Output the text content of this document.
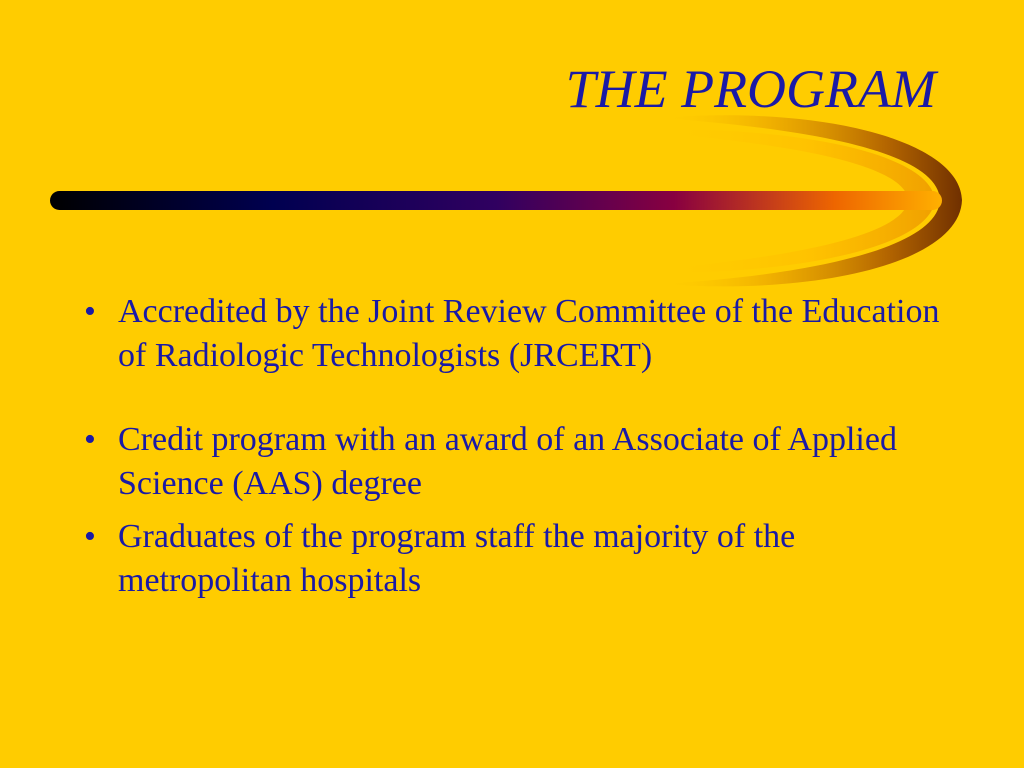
THE PROGRAM
• Accredited by the Joint Review Committee of the Education of Radiologic Technologists (JRCERT)
• Credit program with an award of an Associate of Applied Science (AAS) degree
• Graduates of the program staff the majority of the metropolitan hospitals
